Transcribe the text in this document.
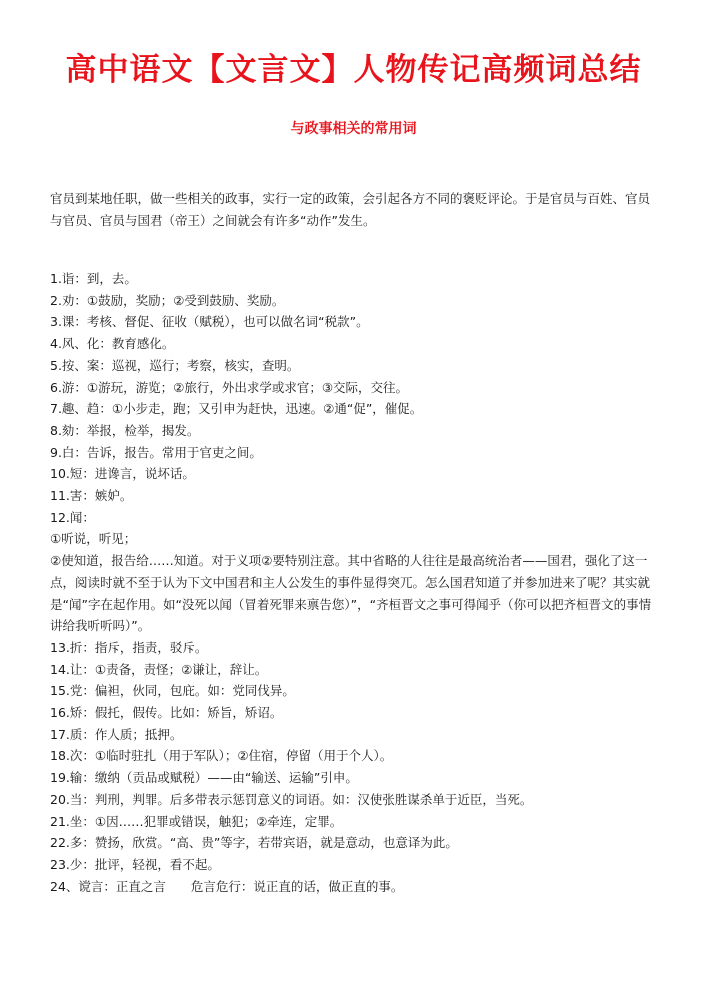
高中语文【文言文】人物传记高频词总结
与政事相关的常用词
官员到某地任职，做一些相关的政事，实行一定的政策，会引起各方不同的褒贬评论。于是官员与百姓、官员与官员、官员与国君（帝王）之间就会有许多“动作”发生。
1.诣：到，去。
2.劝：①鼓励，奖励；②受到鼓励、奖励。
3.课：考核、督促、征收（赋税），也可以做名词“税款”。
4.风、化：教育感化。
5.按、案：巡视，巡行；考察，核实，查明。
6.游：①游玩，游览；②旅行，外出求学或求官；③交际，交往。
7.趣、趋：①小步走，跑；又引申为赶快，迅速。②通“促”，催促。
8.劾：举报，检举，揭发。
9.白：告诉，报告。常用于官吏之间。
10.短：进谗言，说坏话。
11.害：嫉妒。
12.闻：
①听说，听见；
②使知道，报告给……知道。对于义项②要特别注意。其中省略的人往往是最高统治者——国君，强化了这一点，阅读时就不至于认为下文中国君和主人公发生的事件显得突兀。怎么国君知道了并参加进来了呢？其实就是“闻”字在起作用。如“没死以闻（冒着死罪来禀告您）”，“齐桓晋文之事可得闻乎（你可以把齐桓晋文的事情讲给我听听吗）”。
13.折：指斥，指责，驳斥。
14.让：①责备，责怪；②谦让，辞让。
15.党：偏袒，伙同，包庇。如：党同伐异。
16.矫：假托，假传。比如：矫旨，矫诏。
17.质：作人质；抵押。
18.次：①临时驻扎（用于军队）；②住宿，停留（用于个人）。
19.输：缴纳（贡品或赋税）——由“输送、运输”引申。
20.当：判刑，判罪。后多带表示惩罚意义的词语。如：汉使张胜谋杀单于近臣，当死。
21.坐：①因……犯罪或错误，触犯；②牵连，定罪。
22.多：赞扬，欣赏。“高、贵”等字，若带宾语，就是意动，也意译为此。
23.少：批评，轻视，看不起。
24、谠言：正直之言　　危言危行：说正直的话，做正直的事。
